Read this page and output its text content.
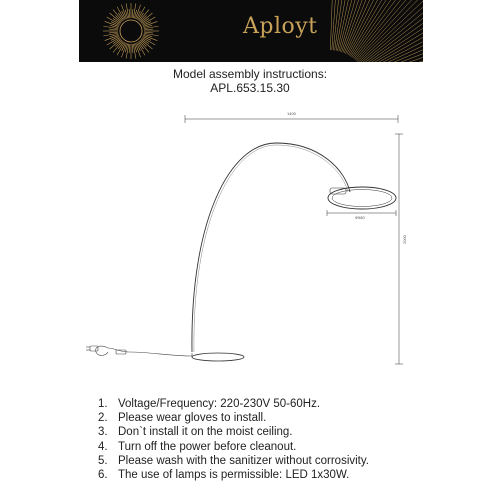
Aployt
Model assembly instructions:
APL.653.15.30
1400
Ф580
2000
1. Voltage/Frequency: 220-230V 50-60Hz.
2. Please wear gloves to install.
3. Don`t install it on the moist ceiling.
4. Turn off the power before cleanout.
5. Please wash with the sanitizer without corrosivity.
6. The use of lamps is permissible: LED 1x30W.
